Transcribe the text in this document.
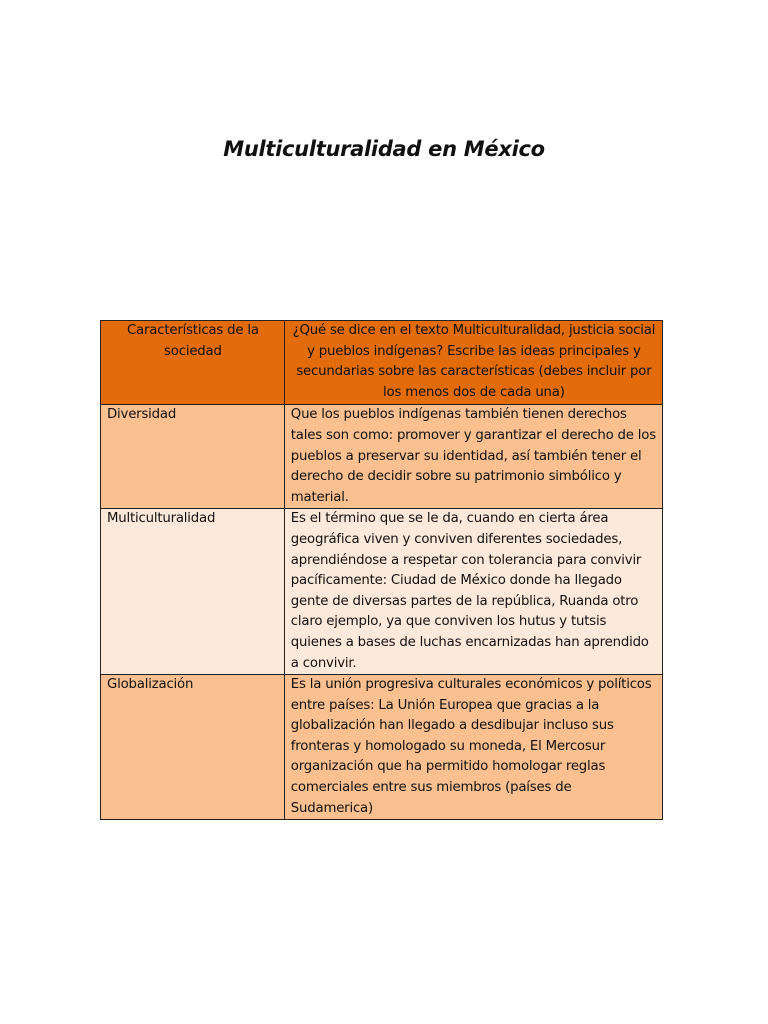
Multiculturalidad en México
Características de la sociedad	¿Qué se dice en el texto Multiculturalidad, justicia social y pueblos indígenas? Escribe las ideas principales y secundarias sobre las características (debes incluir por los menos dos de cada una)
Diversidad	Que los pueblos indígenas también tienen derechos tales son como: promover y garantizar el derecho de los pueblos a preservar su identidad, así también tener el derecho de decidir sobre su patrimonio simbólico y material.
Multiculturalidad	Es el término que se le da, cuando en cierta área geográfica viven y conviven diferentes sociedades, aprendiéndose a respetar con tolerancia para convivir pacíficamente: Ciudad de México donde ha llegado gente de diversas partes de la república, Ruanda otro claro ejemplo, ya que conviven los hutus y tutsis quienes a bases de luchas encarnizadas han aprendido a convivir.
Globalización	Es la unión progresiva culturales económicos y políticos entre países: La Unión Europea que gracias a la globalización han llegado a desdibujar incluso sus fronteras y homologado su moneda, El Mercosur organización que ha permitido homologar reglas comerciales entre sus miembros (países de Sudamerica)
